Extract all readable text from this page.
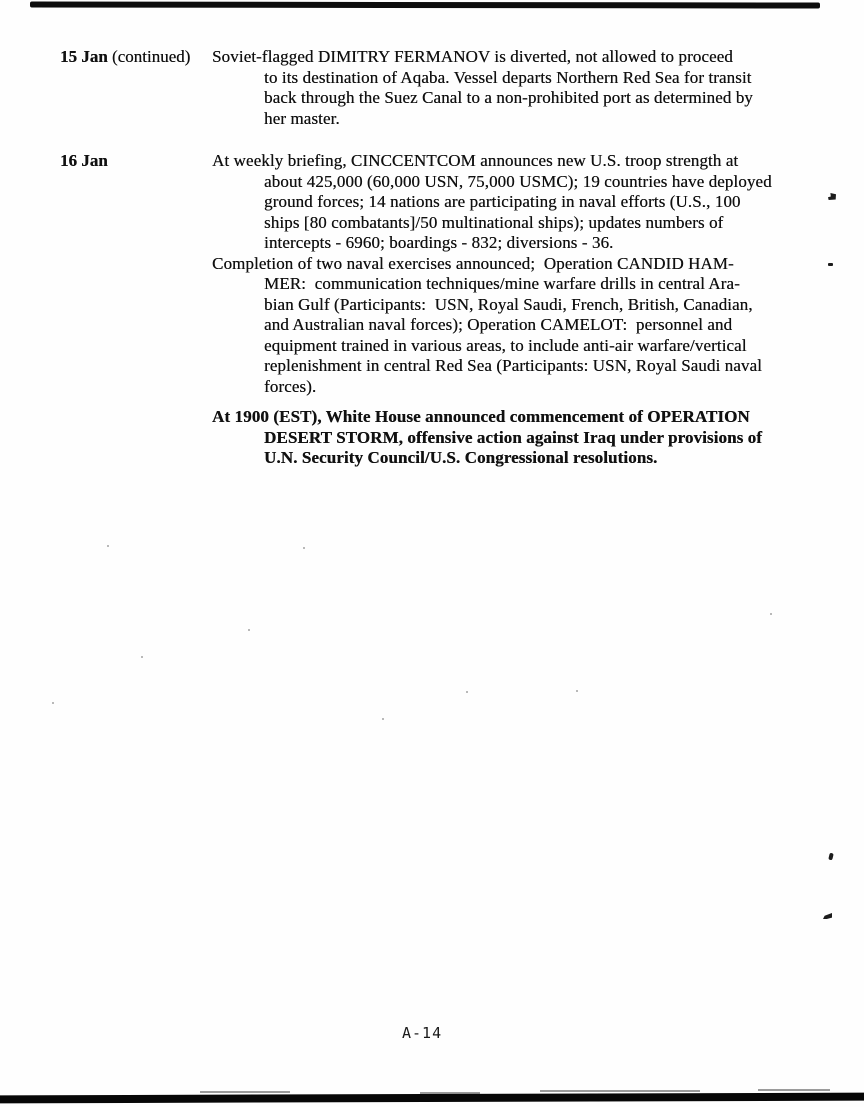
15 Jan (continued)	Soviet-flagged DIMITRY FERMANOV is diverted, not allowed to proceed
to its destination of Aqaba. Vessel departs Northern Red Sea for transit
back through the Suez Canal to a non-prohibited port as determined by
her master.
16 Jan	At weekly briefing, CINCCENTCOM announces new U.S. troop strength at
about 425,000 (60,000 USN, 75,000 USMC); 19 countries have deployed
ground forces; 14 nations are participating in naval efforts (U.S., 100
ships [80 combatants]/50 multinational ships); updates numbers of
intercepts - 6960; boardings - 832; diversions - 36.
Completion of two naval exercises announced;  Operation CANDID HAM-
MER:  communication techniques/mine warfare drills in central Ara-
bian Gulf (Participants:  USN, Royal Saudi, French, British, Canadian,
and Australian naval forces); Operation CAMELOT:  personnel and
equipment trained in various areas, to include anti-air warfare/vertical
replenishment in central Red Sea (Participants: USN, Royal Saudi naval
forces).
At 1900 (EST), White House announced commencement of OPERATION
DESERT STORM, offensive action against Iraq under provisions of
U.N. Security Council/U.S. Congressional resolutions.
A-14
